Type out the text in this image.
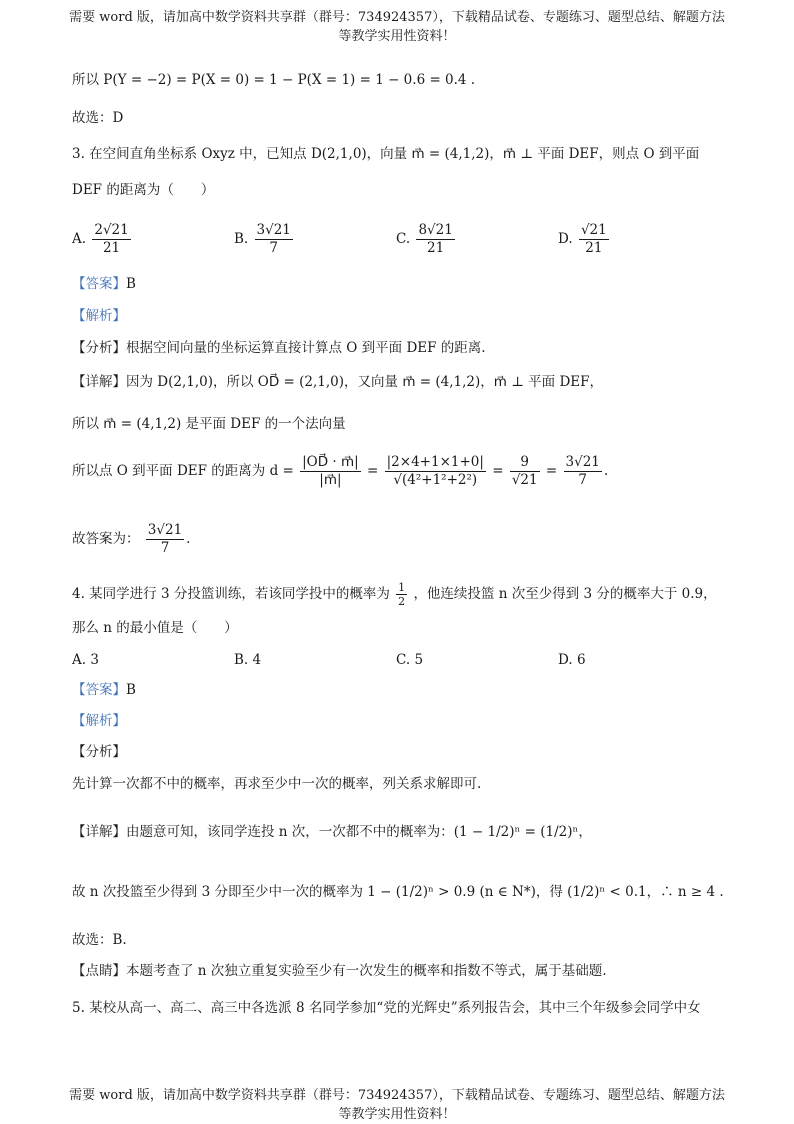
需要 word 版，请加高中数学资料共享群（群号：734924357），下载精品试卷、专题练习、题型总结、解题方法
等教学实用性资料！
所以 P(Y = −2) = P(X = 0) = 1 − P(X = 1) = 1 − 0.6 = 0.4 .
故选：D
3. 在空间直角坐标系 Oxyz 中，已知点 D(2,1,0)，向量 m⃗ = (4,1,2)，m⃗ ⊥ 平面 DEF，则点 O 到平面
DEF 的距离为（　　）
A. $\frac{2√21}{21}$	B. $\frac{3√21}{7}$	C. $\frac{8√21}{21}$	D. $\frac{√21}{21}$
【答案】B
【解析】
【分析】根据空间向量的坐标运算直接计算点 O 到平面 DEF 的距离.
【详解】因为 D(2,1,0)，所以 OD⃗ = (2,1,0)，又向量 m⃗ = (4,1,2)，m⃗ ⊥ 平面 DEF，
所以 m⃗ = (4,1,2) 是平面 DEF 的一个法向量
所以点 O 到平面 DEF 的距离为 $d = \frac{|OD⃗ \cdot m⃗|}{|m⃗|} = \frac{|2\times 4+1\times 1+0|}{\text{√(4²+1²+2²)}} = \frac{9}{√21} = \frac{3√21}{7}$ .
故答案为： $\frac{3√21}{7}$ .
4. 某同学进行 3 分投篮训练，若该同学投中的概率为 $\frac{1}{2}$ ，他连续投篮 n 次至少得到 3 分的概率大于 0.9，
那么 n 的最小值是（　　）
A. 3	B. 4	C. 5	D. 6
【答案】B
【解析】
【分析】
先计算一次都不中的概率，再求至少中一次的概率，列关系求解即可.
【详解】由题意可知，该同学连投 n 次，一次都不中的概率为：(1 − 1/2)ⁿ = (1/2)ⁿ，
故 n 次投篮至少得到 3 分即至少中一次的概率为 1 − (1/2)ⁿ > 0.9 (n ∈ N*)，得 (1/2)ⁿ < 0.1，∴ n ≥ 4 .
故选：B.
【点睛】本题考查了 n 次独立重复实验至少有一次发生的概率和指数不等式，属于基础题.
5. 某校从高一、高二、高三中各选派 8 名同学参加“党的光辉史”系列报告会，其中三个年级参会同学中女
需要 word 版，请加高中数学资料共享群（群号：734924357），下载精品试卷、专题练习、题型总结、解题方法
等教学实用性资料！
